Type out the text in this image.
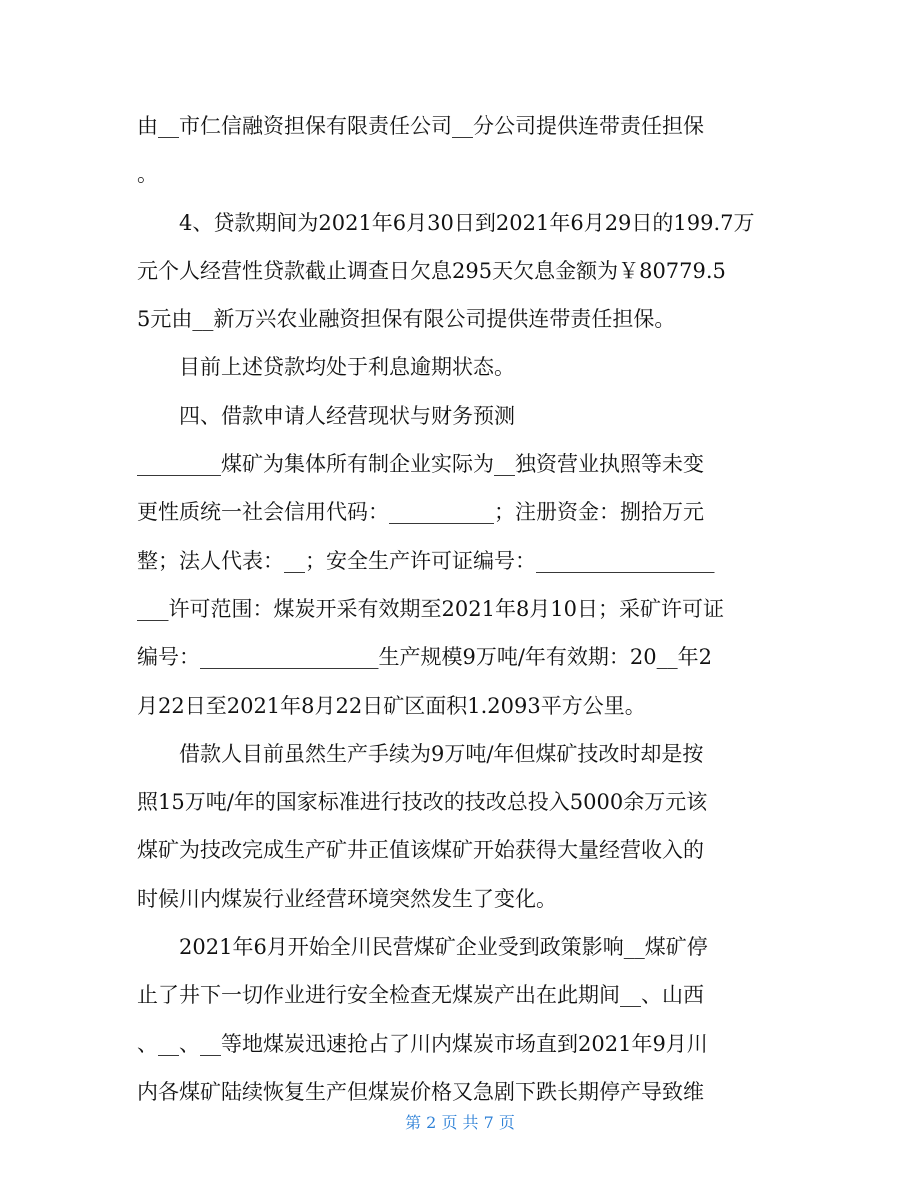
由__市仁信融资担保有限责任公司__分公司提供连带责任担保
。
　　4、贷款期间为2021年6月30日到2021年6月29日的199.7万
元个人经营性贷款截止调查日欠息295天欠息金额为￥80779.5
5元由__新万兴农业融资担保有限公司提供连带责任担保。
　　目前上述贷款均处于利息逾期状态。
　　四、借款申请人经营现状与财务预测
________煤矿为集体所有制企业实际为__独资营业执照等未变
更性质统一社会信用代码：__________；注册资金：捌拾万元
整；法人代表：__；安全生产许可证编号：_________________
___许可范围：煤炭开采有效期至2021年8月10日；采矿许可证
编号：_________________生产规模9万吨/年有效期：20__年2
月22日至2021年8月22日矿区面积1.2093平方公里。
　　借款人目前虽然生产手续为9万吨/年但煤矿技改时却是按
照15万吨/年的国家标准进行技改的技改总投入5000余万元该
煤矿为技改完成生产矿井正值该煤矿开始获得大量经营收入的
时候川内煤炭行业经营环境突然发生了变化。
　　2021年6月开始全川民营煤矿企业受到政策影响__煤矿停
止了井下一切作业进行安全检查无煤炭产出在此期间__、山西
、__、__等地煤炭迅速抢占了川内煤炭市场直到2021年9月川
内各煤矿陆续恢复生产但煤炭价格又急剧下跌长期停产导致维
第 2 页 共 7 页
